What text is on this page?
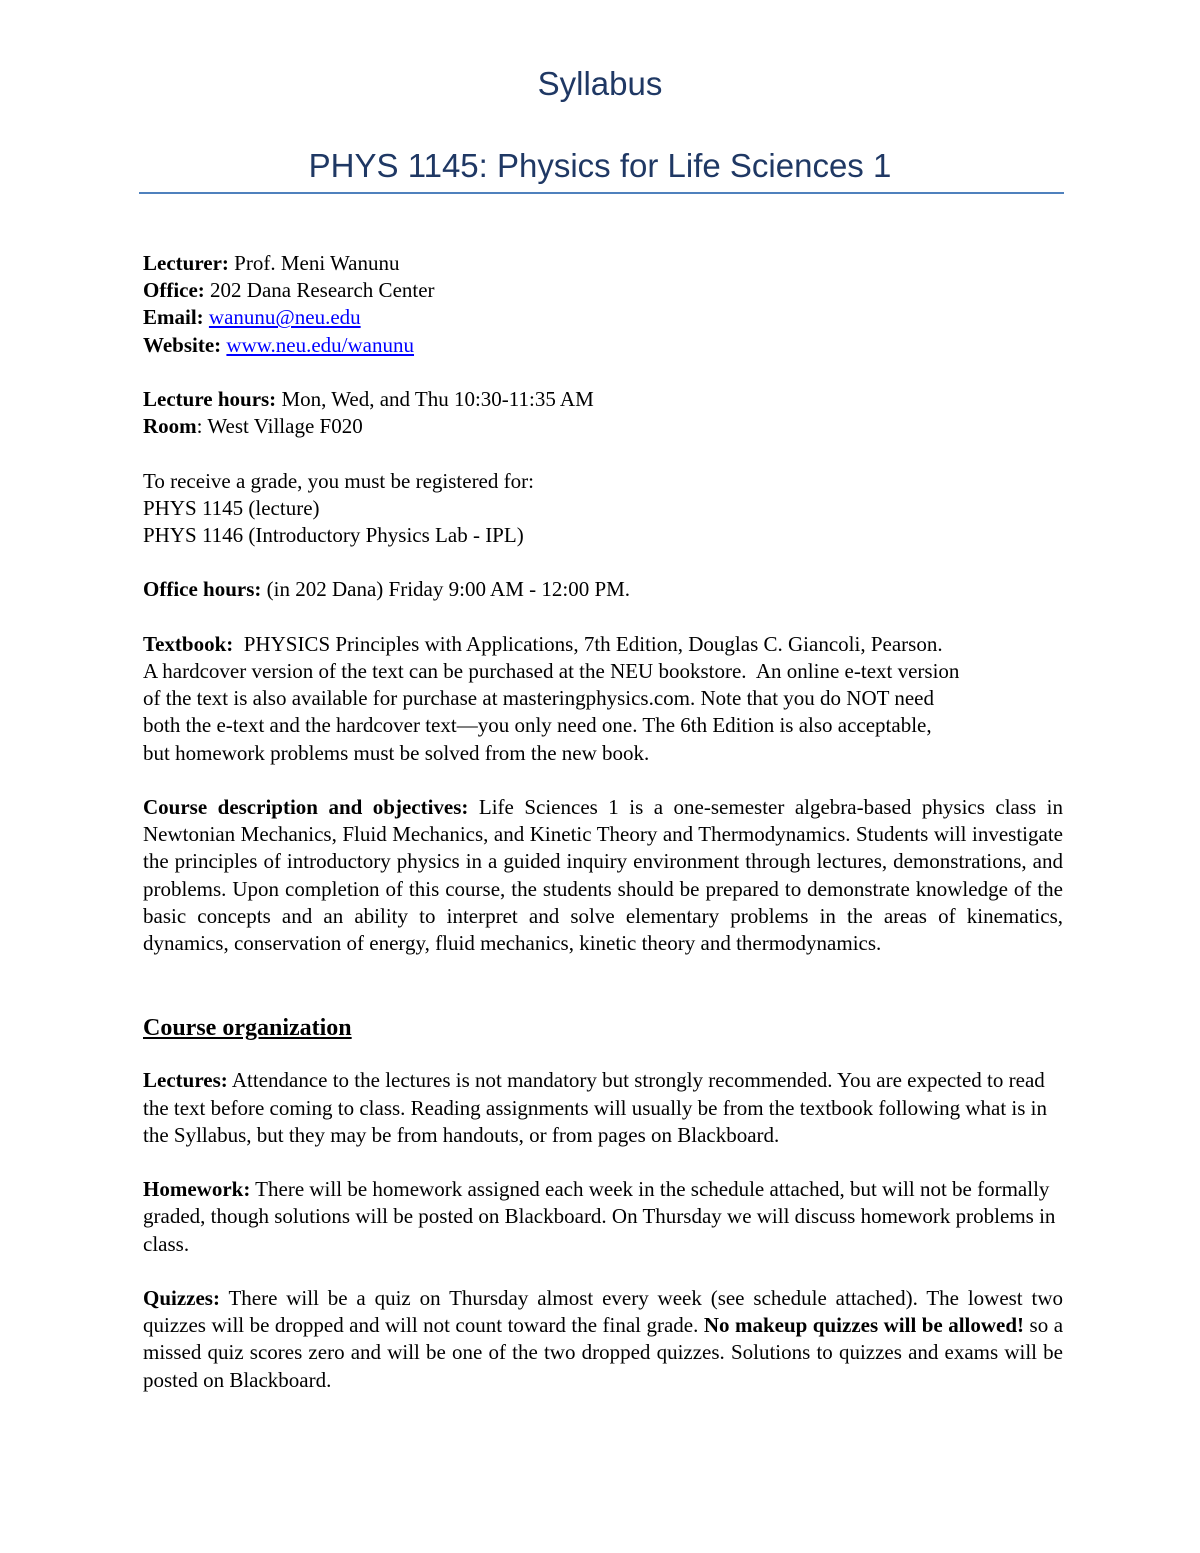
Syllabus
PHYS 1145: Physics for Life Sciences 1

Lecturer: Prof. Meni Wanunu

Office: 202 Dana Research Center

Email: wanunu@neu.edu

Website: www.neu.edu/wanunu

Lecture hours: Mon, Wed, and Thu 10:30-11:35 AM

Room: West Village F020

To receive a grade, you must be registered for:

PHYS 1145 (lecture)

PHYS 1146 (Introductory Physics Lab - IPL)

Office hours: (in 202 Dana) Friday 9:00 AM - 12:00 PM.

Textbook:  PHYSICS Principles with Applications, 7th Edition, Douglas C. Giancoli, Pearson.

A hardcover version of the text can be purchased at the NEU bookstore.  An online e-text version

of the text is also available for purchase at masteringphysics.com. Note that you do NOT need

both the e-text and the hardcover text—you only need one. The 6th Edition is also acceptable,

but homework problems must be solved from the new book.

Course description and objectives: Life Sciences 1 is a one-semester algebra-based physics class in Newtonian Mechanics, Fluid Mechanics, and Kinetic Theory and Thermodynamics. Students will investigate the principles of introductory physics in a guided inquiry environment through lectures, demonstrations, and problems. Upon completion of this course, the students should be prepared to demonstrate knowledge of the basic concepts and an ability to interpret and solve elementary problems in the areas of kinematics, dynamics, conservation of energy, fluid mechanics, kinetic theory and thermodynamics.

Course organization

Lectures: Attendance to the lectures is not mandatory but strongly recommended. You are expected to read the text before coming to class. Reading assignments will usually be from the textbook following what is in the Syllabus, but they may be from handouts, or from pages on Blackboard.

Homework: There will be homework assigned each week in the schedule attached, but will not be formally graded, though solutions will be posted on Blackboard. On Thursday we will discuss homework problems in class.

Quizzes: There will be a quiz on Thursday almost every week (see schedule attached). The lowest two quizzes will be dropped and will not count toward the final grade. No makeup quizzes will be allowed! so a missed quiz scores zero and will be one of the two dropped quizzes. Solutions to quizzes and exams will be posted on Blackboard.
